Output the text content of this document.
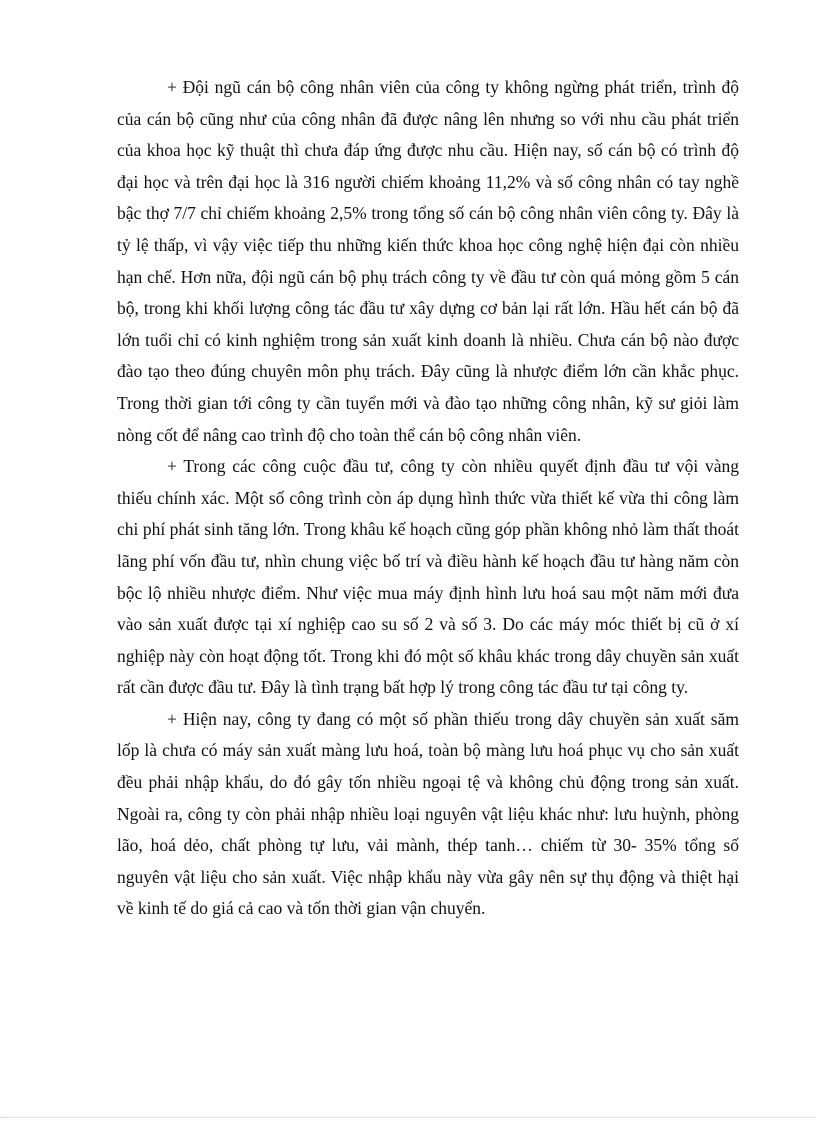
+ Đội ngũ cán bộ công nhân viên của công ty không ngừng phát triển, trình độ của cán bộ cũng như của công nhân đã được nâng lên nhưng so với nhu cầu phát triển của khoa học kỹ thuật thì chưa đáp ứng được nhu cầu. Hiện nay, số cán bộ có trình độ đại học và trên đại học là 316 người chiếm khoảng 11,2% và số công nhân có tay nghề bậc thợ 7/7 chỉ chiếm khoảng 2,5% trong tổng số cán bộ công nhân viên công ty. Đây là tỷ lệ thấp, vì vậy việc tiếp thu những kiến thức khoa học công nghệ hiện đại còn nhiều hạn chế. Hơn nữa, đội ngũ cán bộ phụ trách công ty về đầu tư còn quá mỏng gồm 5 cán bộ, trong khi khối lượng công tác đầu tư xây dựng cơ bản lại rất lớn. Hầu hết cán bộ đã lớn tuổi chỉ có kinh nghiệm trong sản xuất kinh doanh là nhiều. Chưa cán bộ nào được đào tạo theo đúng chuyên môn phụ trách. Đây cũng là nhược điểm lớn cần khắc phục. Trong thời gian tới công ty cần tuyển mới và đào tạo những công nhân, kỹ sư giỏi làm nòng cốt để nâng cao trình độ cho toàn thể cán bộ công nhân viên.

+ Trong các công cuộc đầu tư, công ty còn nhiều quyết định đầu tư vội vàng thiếu chính xác. Một số công trình còn áp dụng hình thức vừa thiết kế vừa thi công làm chi phí phát sinh tăng lớn. Trong khâu kế hoạch cũng góp phần không nhỏ làm thất thoát lãng phí vốn đầu tư, nhìn chung việc bố trí và điều hành kế hoạch đầu tư hàng năm còn bộc lộ nhiều nhược điểm. Như việc mua máy định hình lưu hoá sau một năm mới đưa vào sản xuất được tại xí nghiệp cao su số 2 và số 3. Do các máy móc thiết bị cũ ở xí nghiệp này còn hoạt động tốt. Trong khi đó một số khâu khác trong dây chuyền sản xuất rất cần được đầu tư. Đây là tình trạng bất hợp lý trong công tác đầu tư tại công ty.

+ Hiện nay, công ty đang có một số phần thiếu trong dây chuyền sản xuất săm lốp là chưa có máy sản xuất màng lưu hoá, toàn bộ màng lưu hoá phục vụ cho sản xuất đều phải nhập khẩu, do đó gây tốn nhiều ngoại tệ và không chủ động trong sản xuất. Ngoài ra, công ty còn phải nhập nhiều loại nguyên vật liệu khác như: lưu huỳnh, phòng lão, hoá dẻo, chất phòng tự lưu, vải mành, thép tanh… chiếm từ 30- 35% tổng số nguyên vật liệu cho sản xuất. Việc nhập khẩu này vừa gây nên sự thụ động và thiệt hại về kinh tế do giá cả cao và tốn thời gian vận chuyển.
